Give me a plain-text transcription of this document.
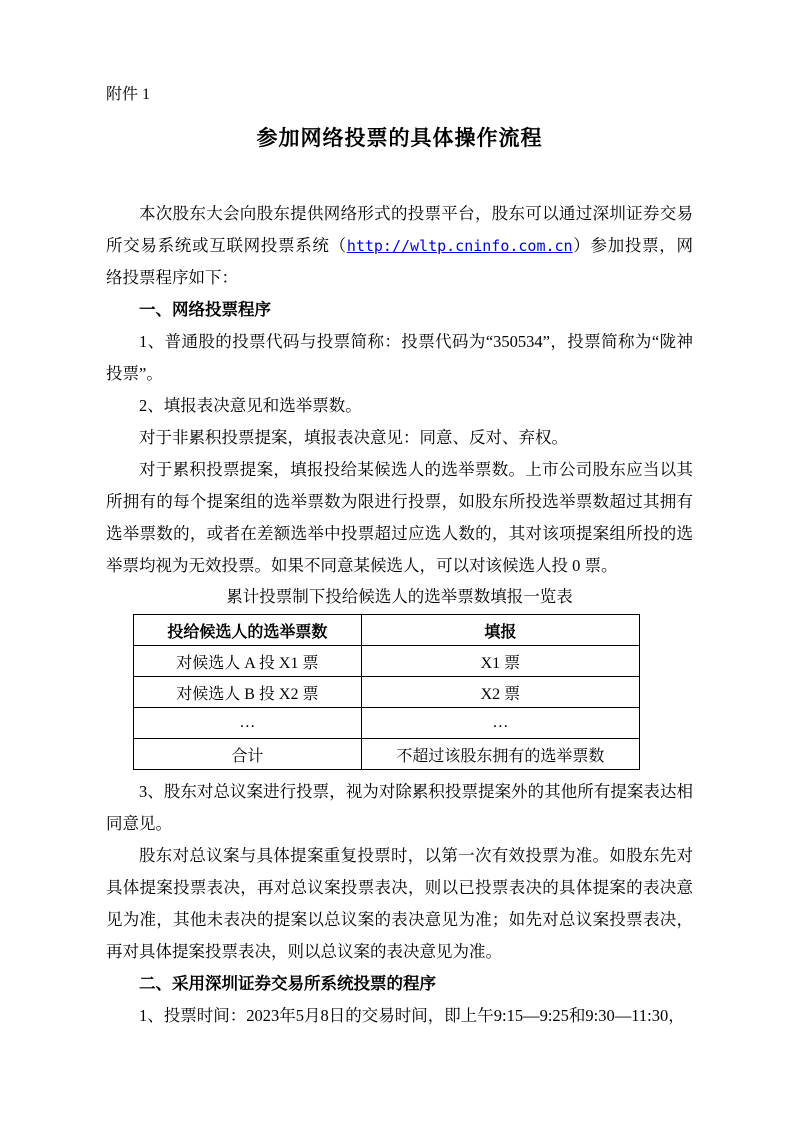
附件 1

参加网络投票的具体操作流程

本次股东大会向股东提供网络形式的投票平台，股东可以通过深圳证券交易所交易系统或互联网投票系统（http://wltp.cninfo.com.cn）参加投票，网络投票程序如下：

一、网络投票程序

1、普通股的投票代码与投票简称：投票代码为“350534”，投票简称为“陇神投票”。

2、填报表决意见和选举票数。

对于非累积投票提案，填报表决意见：同意、反对、弃权。

对于累积投票提案，填报投给某候选人的选举票数。上市公司股东应当以其所拥有的每个提案组的选举票数为限进行投票，如股东所投选举票数超过其拥有选举票数的，或者在差额选举中投票超过应选人数的，其对该项提案组所投的选举票均视为无效投票。如果不同意某候选人，可以对该候选人投 0 票。

累计投票制下投给候选人的选举票数填报一览表

投给候选人的选举票数	填报
对候选人 A 投 X1 票	X1 票
对候选人 B 投 X2 票	X2 票
…	…
合计	不超过该股东拥有的选举票数

3、股东对总议案进行投票，视为对除累积投票提案外的其他所有提案表达相同意见。

股东对总议案与具体提案重复投票时，以第一次有效投票为准。如股东先对具体提案投票表决，再对总议案投票表决，则以已投票表决的具体提案的表决意见为准，其他未表决的提案以总议案的表决意见为准；如先对总议案投票表决，再对具体提案投票表决，则以总议案的表决意见为准。

二、采用深圳证券交易所系统投票的程序

1、投票时间：2023年5月8日的交易时间，即上午9:15—9:25和9:30—11:30，
